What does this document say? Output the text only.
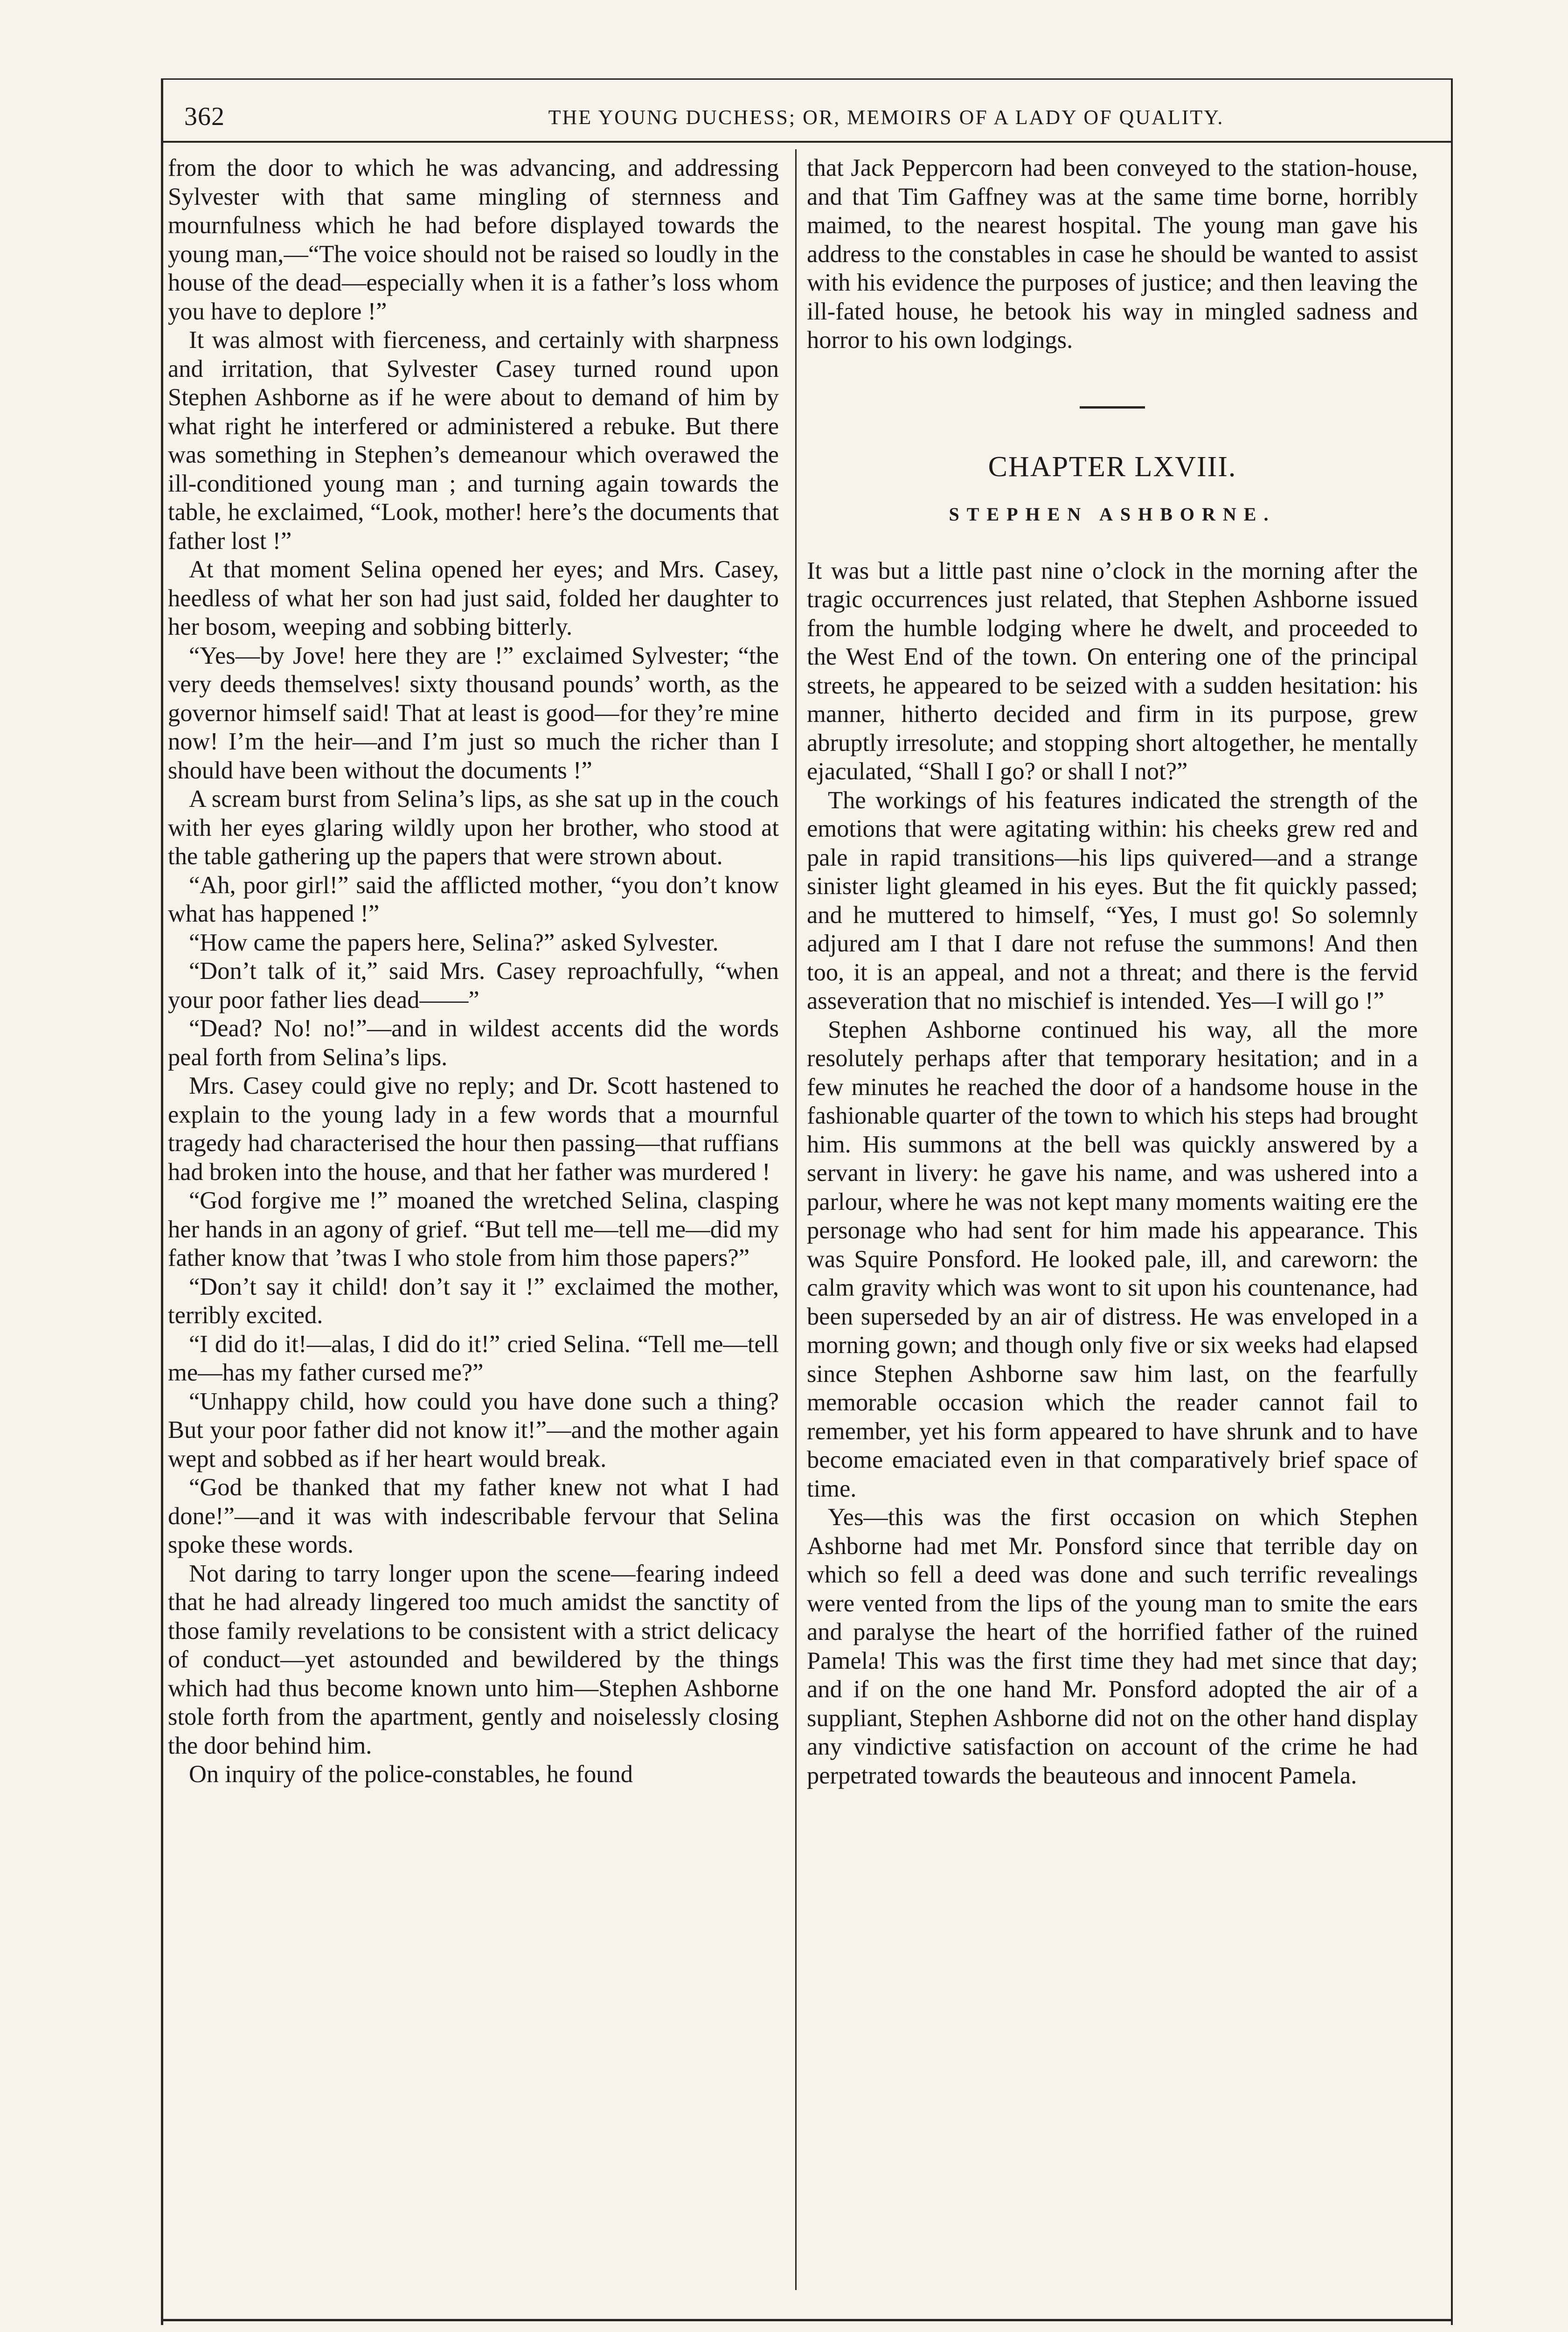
362	THE YOUNG DUCHESS; OR, MEMOIRS OF A LADY OF QUALITY.

from the door to which he was advancing, and addressing Sylvester with that same mingling of sternness and mournfulness which he had before displayed towards the young man,—“The voice should not be raised so loudly in the house of the dead—especially when it is a father’s loss whom you have to deplore !”

It was almost with fierceness, and certainly with sharpness and irritation, that Sylvester Casey turned round upon Stephen Ashborne as if he were about to demand of him by what right he interfered or administered a rebuke. But there was something in Stephen’s demeanour which overawed the ill-conditioned young man ; and turning again towards the table, he exclaimed, “Look, mother! here’s the documents that father lost !”

At that moment Selina opened her eyes; and Mrs. Casey, heedless of what her son had just said, folded her daughter to her bosom, weeping and sobbing bitterly.

“Yes—by Jove! here they are !” exclaimed Sylvester; “the very deeds themselves! sixty thousand pounds’ worth, as the governor himself said! That at least is good—for they’re mine now! I’m the heir—and I’m just so much the richer than I should have been without the documents !”

A scream burst from Selina’s lips, as she sat up in the couch with her eyes glaring wildly upon her brother, who stood at the table gathering up the papers that were strown about.

“Ah, poor girl!” said the afflicted mother, “you don’t know what has happened !”

“How came the papers here, Selina?” asked Sylvester.

“Don’t talk of it,” said Mrs. Casey reproachfully, “when your poor father lies dead——”

“Dead? No! no!”—and in wildest accents did the words peal forth from Selina’s lips.

Mrs. Casey could give no reply; and Dr. Scott hastened to explain to the young lady in a few words that a mournful tragedy had characterised the hour then passing—that ruffians had broken into the house, and that her father was murdered !

“God forgive me !” moaned the wretched Selina, clasping her hands in an agony of grief. “But tell me—tell me—did my father know that ’twas I who stole from him those papers?”

“Don’t say it child! don’t say it !” exclaimed the mother, terribly excited.

“I did do it!—alas, I did do it!” cried Selina. “Tell me—tell me—has my father cursed me?”

“Unhappy child, how could you have done such a thing? But your poor father did not know it!”—and the mother again wept and sobbed as if her heart would break.

“God be thanked that my father knew not what I had done!”—and it was with indescribable fervour that Selina spoke these words.

Not daring to tarry longer upon the scene—fearing indeed that he had already lingered too much amidst the sanctity of those family revelations to be consistent with a strict delicacy of conduct—yet astounded and bewildered by the things which had thus become known unto him—Stephen Ashborne stole forth from the apartment, gently and noiselessly closing the door behind him.

On inquiry of the police-constables, he found

that Jack Peppercorn had been conveyed to the station-house, and that Tim Gaffney was at the same time borne, horribly maimed, to the nearest hospital. The young man gave his address to the constables in case he should be wanted to assist with his evidence the purposes of justice; and then leaving the ill-fated house, he betook his way in mingled sadness and horror to his own lodgings.

CHAPTER LXVIII.
STEPHEN ASHBORNE.

It was but a little past nine o’clock in the morning after the tragic occurrences just related, that Stephen Ashborne issued from the humble lodging where he dwelt, and proceeded to the West End of the town. On entering one of the principal streets, he appeared to be seized with a sudden hesitation: his manner, hitherto decided and firm in its purpose, grew abruptly irresolute; and stopping short altogether, he mentally ejaculated, “Shall I go? or shall I not?”

The workings of his features indicated the strength of the emotions that were agitating within: his cheeks grew red and pale in rapid transitions—his lips quivered—and a strange sinister light gleamed in his eyes. But the fit quickly passed; and he muttered to himself, “Yes, I must go! So solemnly adjured am I that I dare not refuse the summons! And then too, it is an appeal, and not a threat; and there is the fervid asseveration that no mischief is intended. Yes—I will go !”

Stephen Ashborne continued his way, all the more resolutely perhaps after that temporary hesitation; and in a few minutes he reached the door of a handsome house in the fashionable quarter of the town to which his steps had brought him. His summons at the bell was quickly answered by a servant in livery: he gave his name, and was ushered into a parlour, where he was not kept many moments waiting ere the personage who had sent for him made his appearance. This was Squire Ponsford. He looked pale, ill, and careworn: the calm gravity which was wont to sit upon his countenance, had been superseded by an air of distress. He was enveloped in a morning gown; and though only five or six weeks had elapsed since Stephen Ashborne saw him last, on the fearfully memorable occasion which the reader cannot fail to remember, yet his form appeared to have shrunk and to have become emaciated even in that comparatively brief space of time.

Yes—this was the first occasion on which Stephen Ashborne had met Mr. Ponsford since that terrible day on which so fell a deed was done and such terrific revealings were vented from the lips of the young man to smite the ears and paralyse the heart of the horrified father of the ruined Pamela! This was the first time they had met since that day; and if on the one hand Mr. Ponsford adopted the air of a suppliant, Stephen Ashborne did not on the other hand display any vindictive satisfaction on account of the crime he had perpetrated towards the beauteous and innocent Pamela.
